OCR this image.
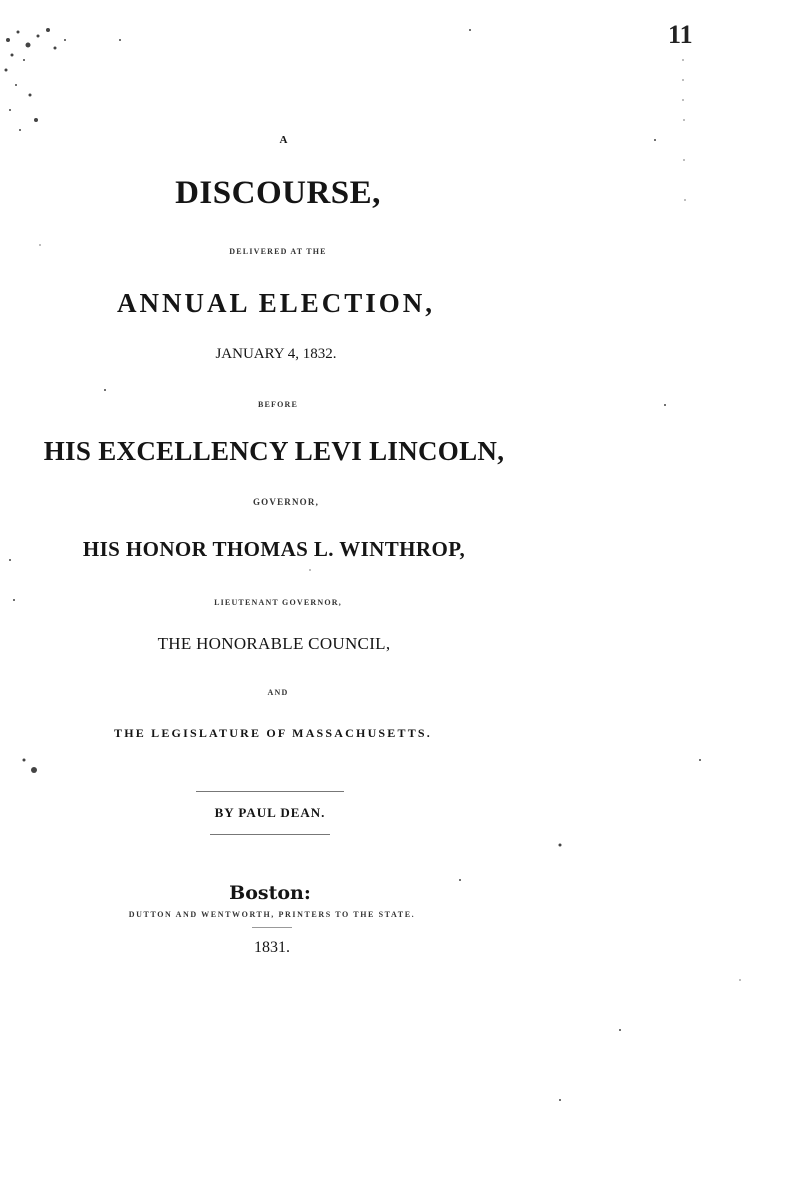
11
A
DISCOURSE,
DELIVERED AT THE
ANNUAL ELECTION,
JANUARY 4, 1832.
BEFORE
HIS EXCELLENCY LEVI LINCOLN,
GOVERNOR,
HIS HONOR THOMAS L. WINTHROP,
LIEUTENANT GOVERNOR,
THE HONORABLE COUNCIL,
AND
THE LEGISLATURE OF MASSACHUSETTS.
BY PAUL DEAN.
Boston:
DUTTON AND WENTWORTH, PRINTERS TO THE STATE.
1831.
